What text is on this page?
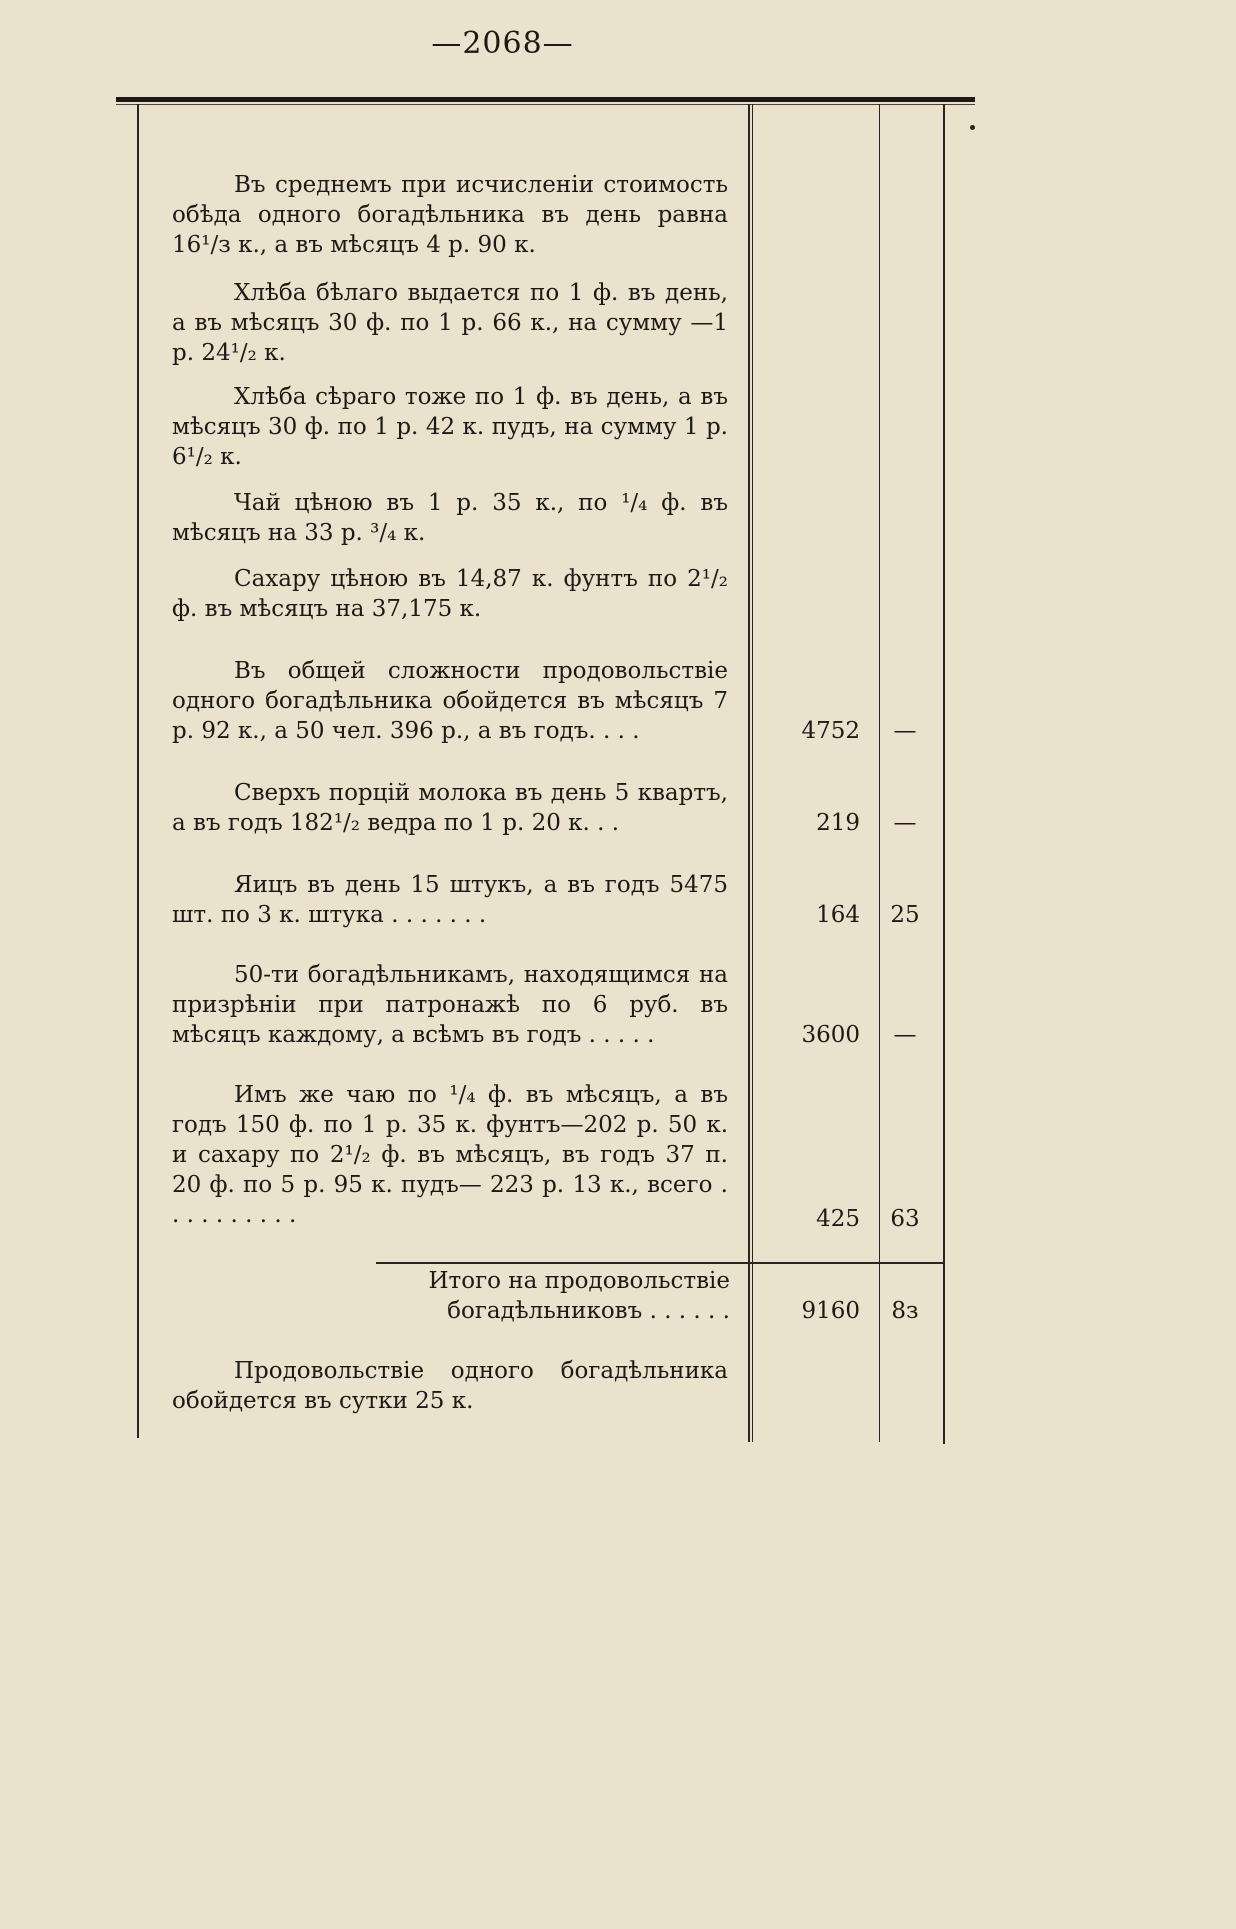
—2068—

Въ среднемъ при исчисленіи стоимость обѣда одного богадѣльника въ день равна 16¹/з к., а въ мѣсяцъ 4 р. 90 к.

Хлѣба бѣлаго выдается по 1 ф. въ день, а въ мѣсяцъ 30 ф. по 1 р. 66 к., на сумму —1 р. 24¹/₂ к.

Хлѣба сѣраго тоже по 1 ф. въ день, а въ мѣсяцъ 30 ф. по 1 р. 42 к. пудъ, на сумму 1 р. 6¹/₂ к.

Чай цѣною въ 1 р. 35 к., по ¹/₄ ф. въ мѣсяцъ на 33 р. ³/₄ к.

Сахару цѣною въ 14,87 к. фунтъ по 2¹/₂ ф. въ мѣсяцъ на 37,175 к.

Въ общей сложности продовольствіе одного богадѣльника обойдется въ мѣсяцъ 7 р. 92 к., а 50 чел. 396 р., а въ годъ. . . .	4752	—

Сверхъ порцій молока въ день 5 квартъ, а въ годъ 182¹/₂ ведра по 1 р. 20 к. . .	219	—

Яицъ въ день 15 штукъ, а въ годъ 5475 шт. по 3 к. штука . . . . . . .	164	25

50-ти богадѣльникамъ, находящимся на призрѣніи при патронажѣ по 6 руб. въ мѣсяцъ каждому, а всѣмъ въ годъ . . . . .	3600	—

Имъ же чаю по ¹/₄ ф. въ мѣсяцъ, а въ годъ 150 ф. по 1 р. 35 к. фунтъ—202 р. 50 к. и сахару по 2¹/₂ ф. въ мѣсяцъ, въ годъ 37 п. 20 ф. по 5 р. 95 к. пудъ— 223 р. 13 к., всего . . . . . . . . . .	425	63
Итого на продовольствіе
богадѣльниковъ . . . . . .	9160	8з

Продовольствіе одного богадѣльника обойдется въ сутки 25 к.
